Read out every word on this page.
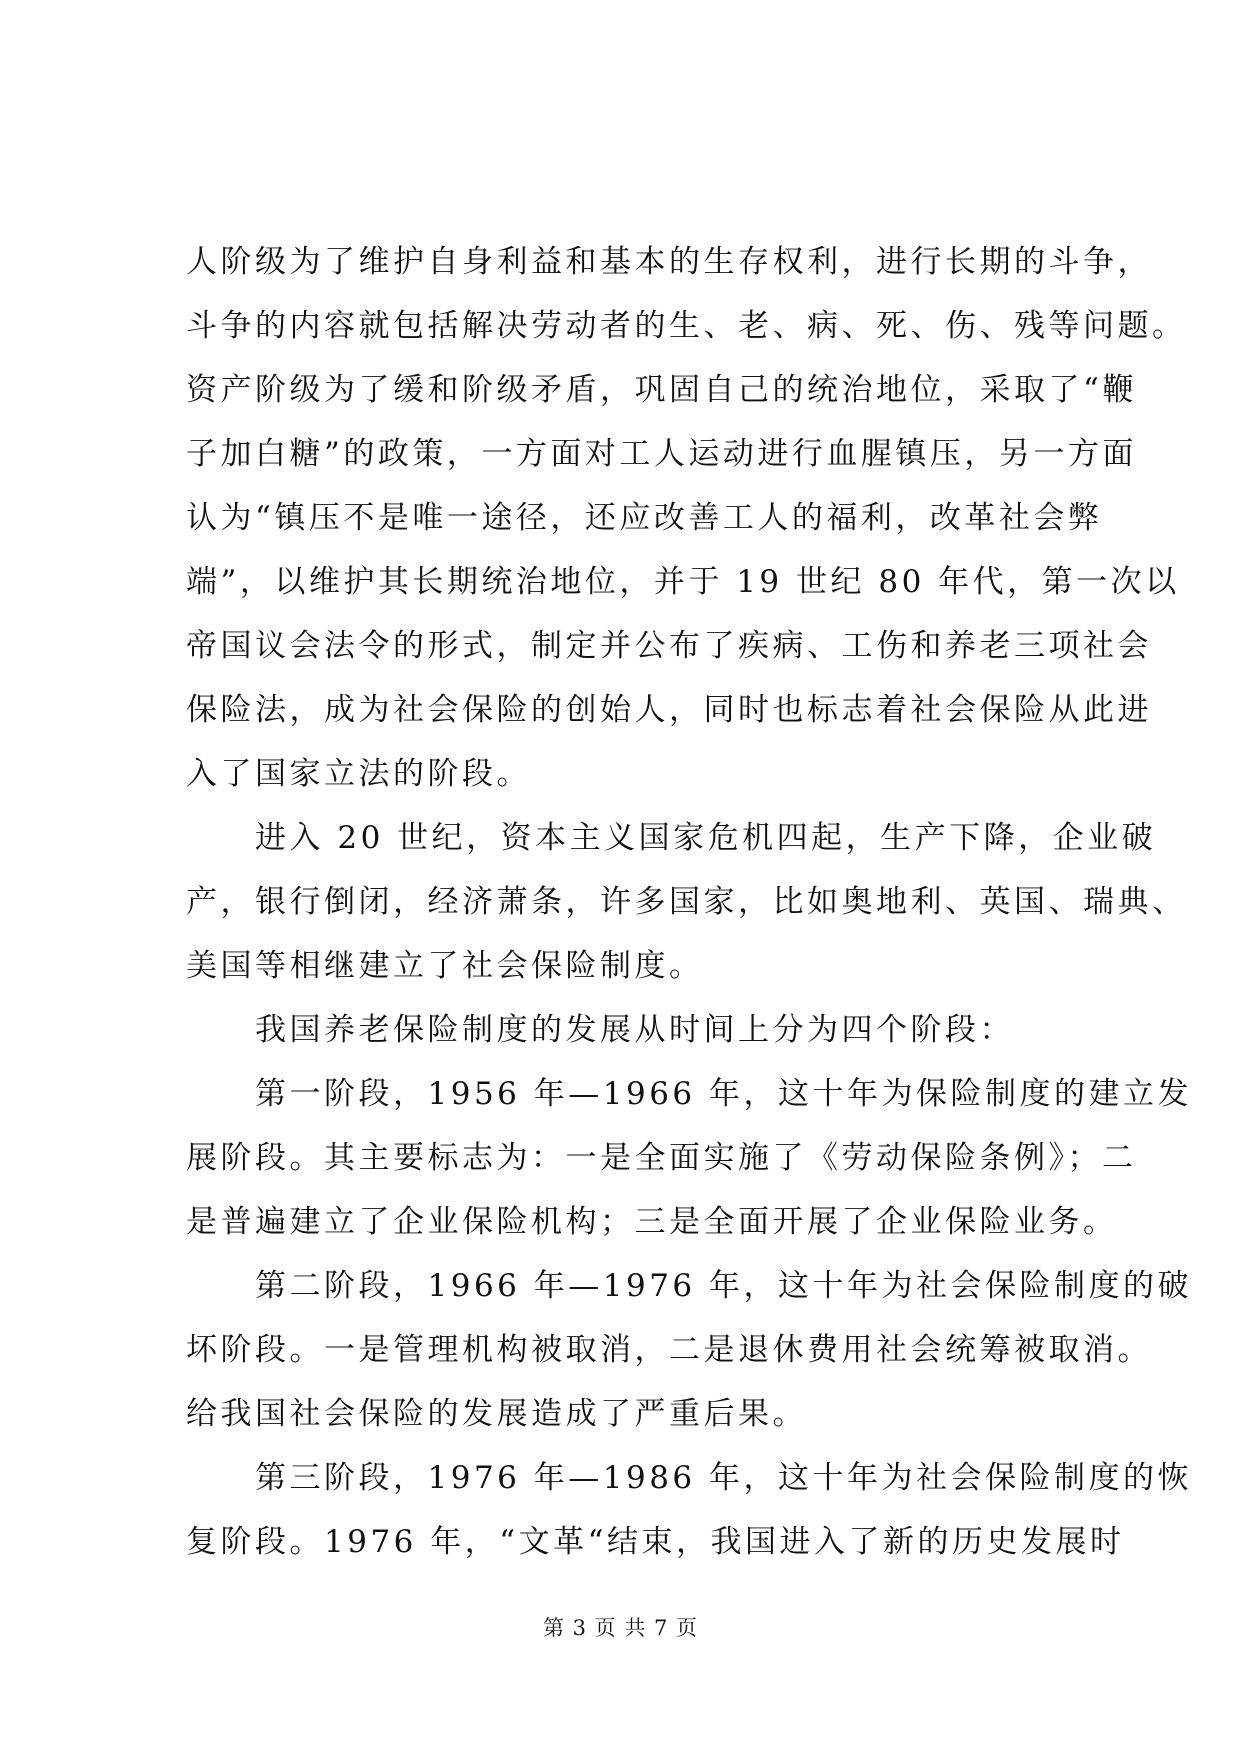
人阶级为了维护自身利益和基本的生存权利，进行长期的斗争，
斗争的内容就包括解决劳动者的生、老、病、死、伤、残等问题。
资产阶级为了缓和阶级矛盾，巩固自己的统治地位，采取了“鞭
子加白糖”的政策，一方面对工人运动进行血腥镇压，另一方面
认为“镇压不是唯一途径，还应改善工人的福利，改革社会弊
端”，以维护其长期统治地位，并于 19 世纪 80 年代，第一次以
帝国议会法令的形式，制定并公布了疾病、工伤和养老三项社会
保险法，成为社会保险的创始人，同时也标志着社会保险从此进
入了国家立法的阶段。
　　进入 20 世纪，资本主义国家危机四起，生产下降，企业破
产，银行倒闭，经济萧条，许多国家，比如奥地利、英国、瑞典、
美国等相继建立了社会保险制度。
　　我国养老保险制度的发展从时间上分为四个阶段：
　　第一阶段，1956 年—1966 年，这十年为保险制度的建立发
展阶段。其主要标志为：一是全面实施了《劳动保险条例》；二
是普遍建立了企业保险机构；三是全面开展了企业保险业务。
　　第二阶段，1966 年—1976 年，这十年为社会保险制度的破
坏阶段。一是管理机构被取消，二是退休费用社会统筹被取消。
给我国社会保险的发展造成了严重后果。
　　第三阶段，1976 年—1986 年，这十年为社会保险制度的恢
复阶段。1976 年，“文革“结束，我国进入了新的历史发展时
第 3 页 共 7 页
